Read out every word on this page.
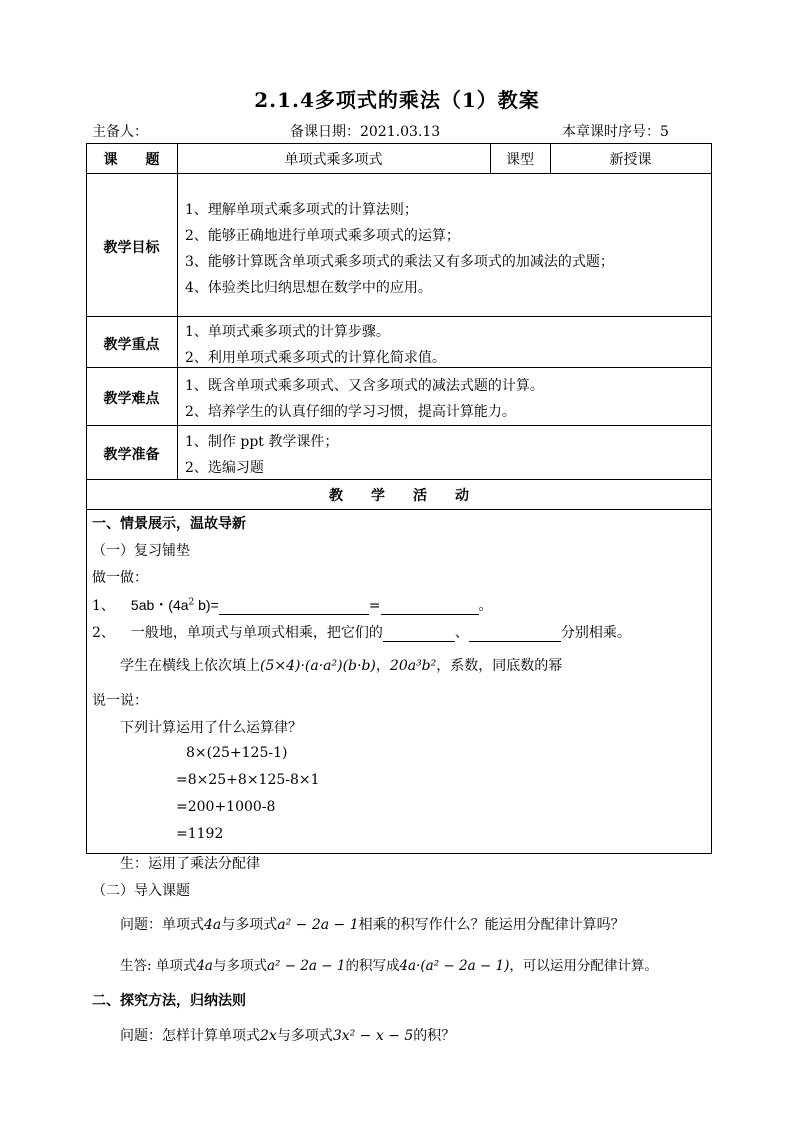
2.1.4多项式的乘法（1）教案
主备人：	备课日期：2021.03.13	本章课时序号：5
课　　题	单项式乘多项式	课型	新授课
教学目标
1、理解单项式乘多项式的计算法则；
2、能够正确地进行单项式乘多项式的运算；
3、能够计算既含单项式乘多项式的乘法又有多项式的加减法的式题；
4、体验类比归纳思想在数学中的应用。
教学重点
1、单项式乘多项式的计算步骤。
2、利用单项式乘多项式的计算化简求值。
教学难点
1、既含单项式乘多项式、又含多项式的减法式题的计算。
2、培养学生的认真仔细的学习习惯，提高计算能力。
教学准备
1、制作 ppt 教学课件；
2、选编习题
教　　学　　活　　动
一、情景展示，温故导新
（一）复习铺垫
做一做：
1、 5ab・($4a^2$ b)=	=	。
2、 一般地，单项式与单项式相乘，把它们的	、	分别相乘。
学生在横线上依次填上(5×4)·(a·a²)(b·b)，20a³b²，系数，同底数的幂
说一说：
下列计算运用了什么运算律？
8×(25+125-1)
=8×25+8×125-8×1
=200+1000-8
=1192
生：运用了乘法分配律
（二）导入课题
问题：单项式4a与多项式a² − 2a − 1相乘的积写作什么？能运用分配律计算吗？
生答: 单项式4a与多项式a² − 2a − 1的积写成4a·(a² − 2a − 1)，可以运用分配律计算。
二、探究方法，归纳法则
问题：怎样计算单项式2x与多项式3x² − x − 5的积？
